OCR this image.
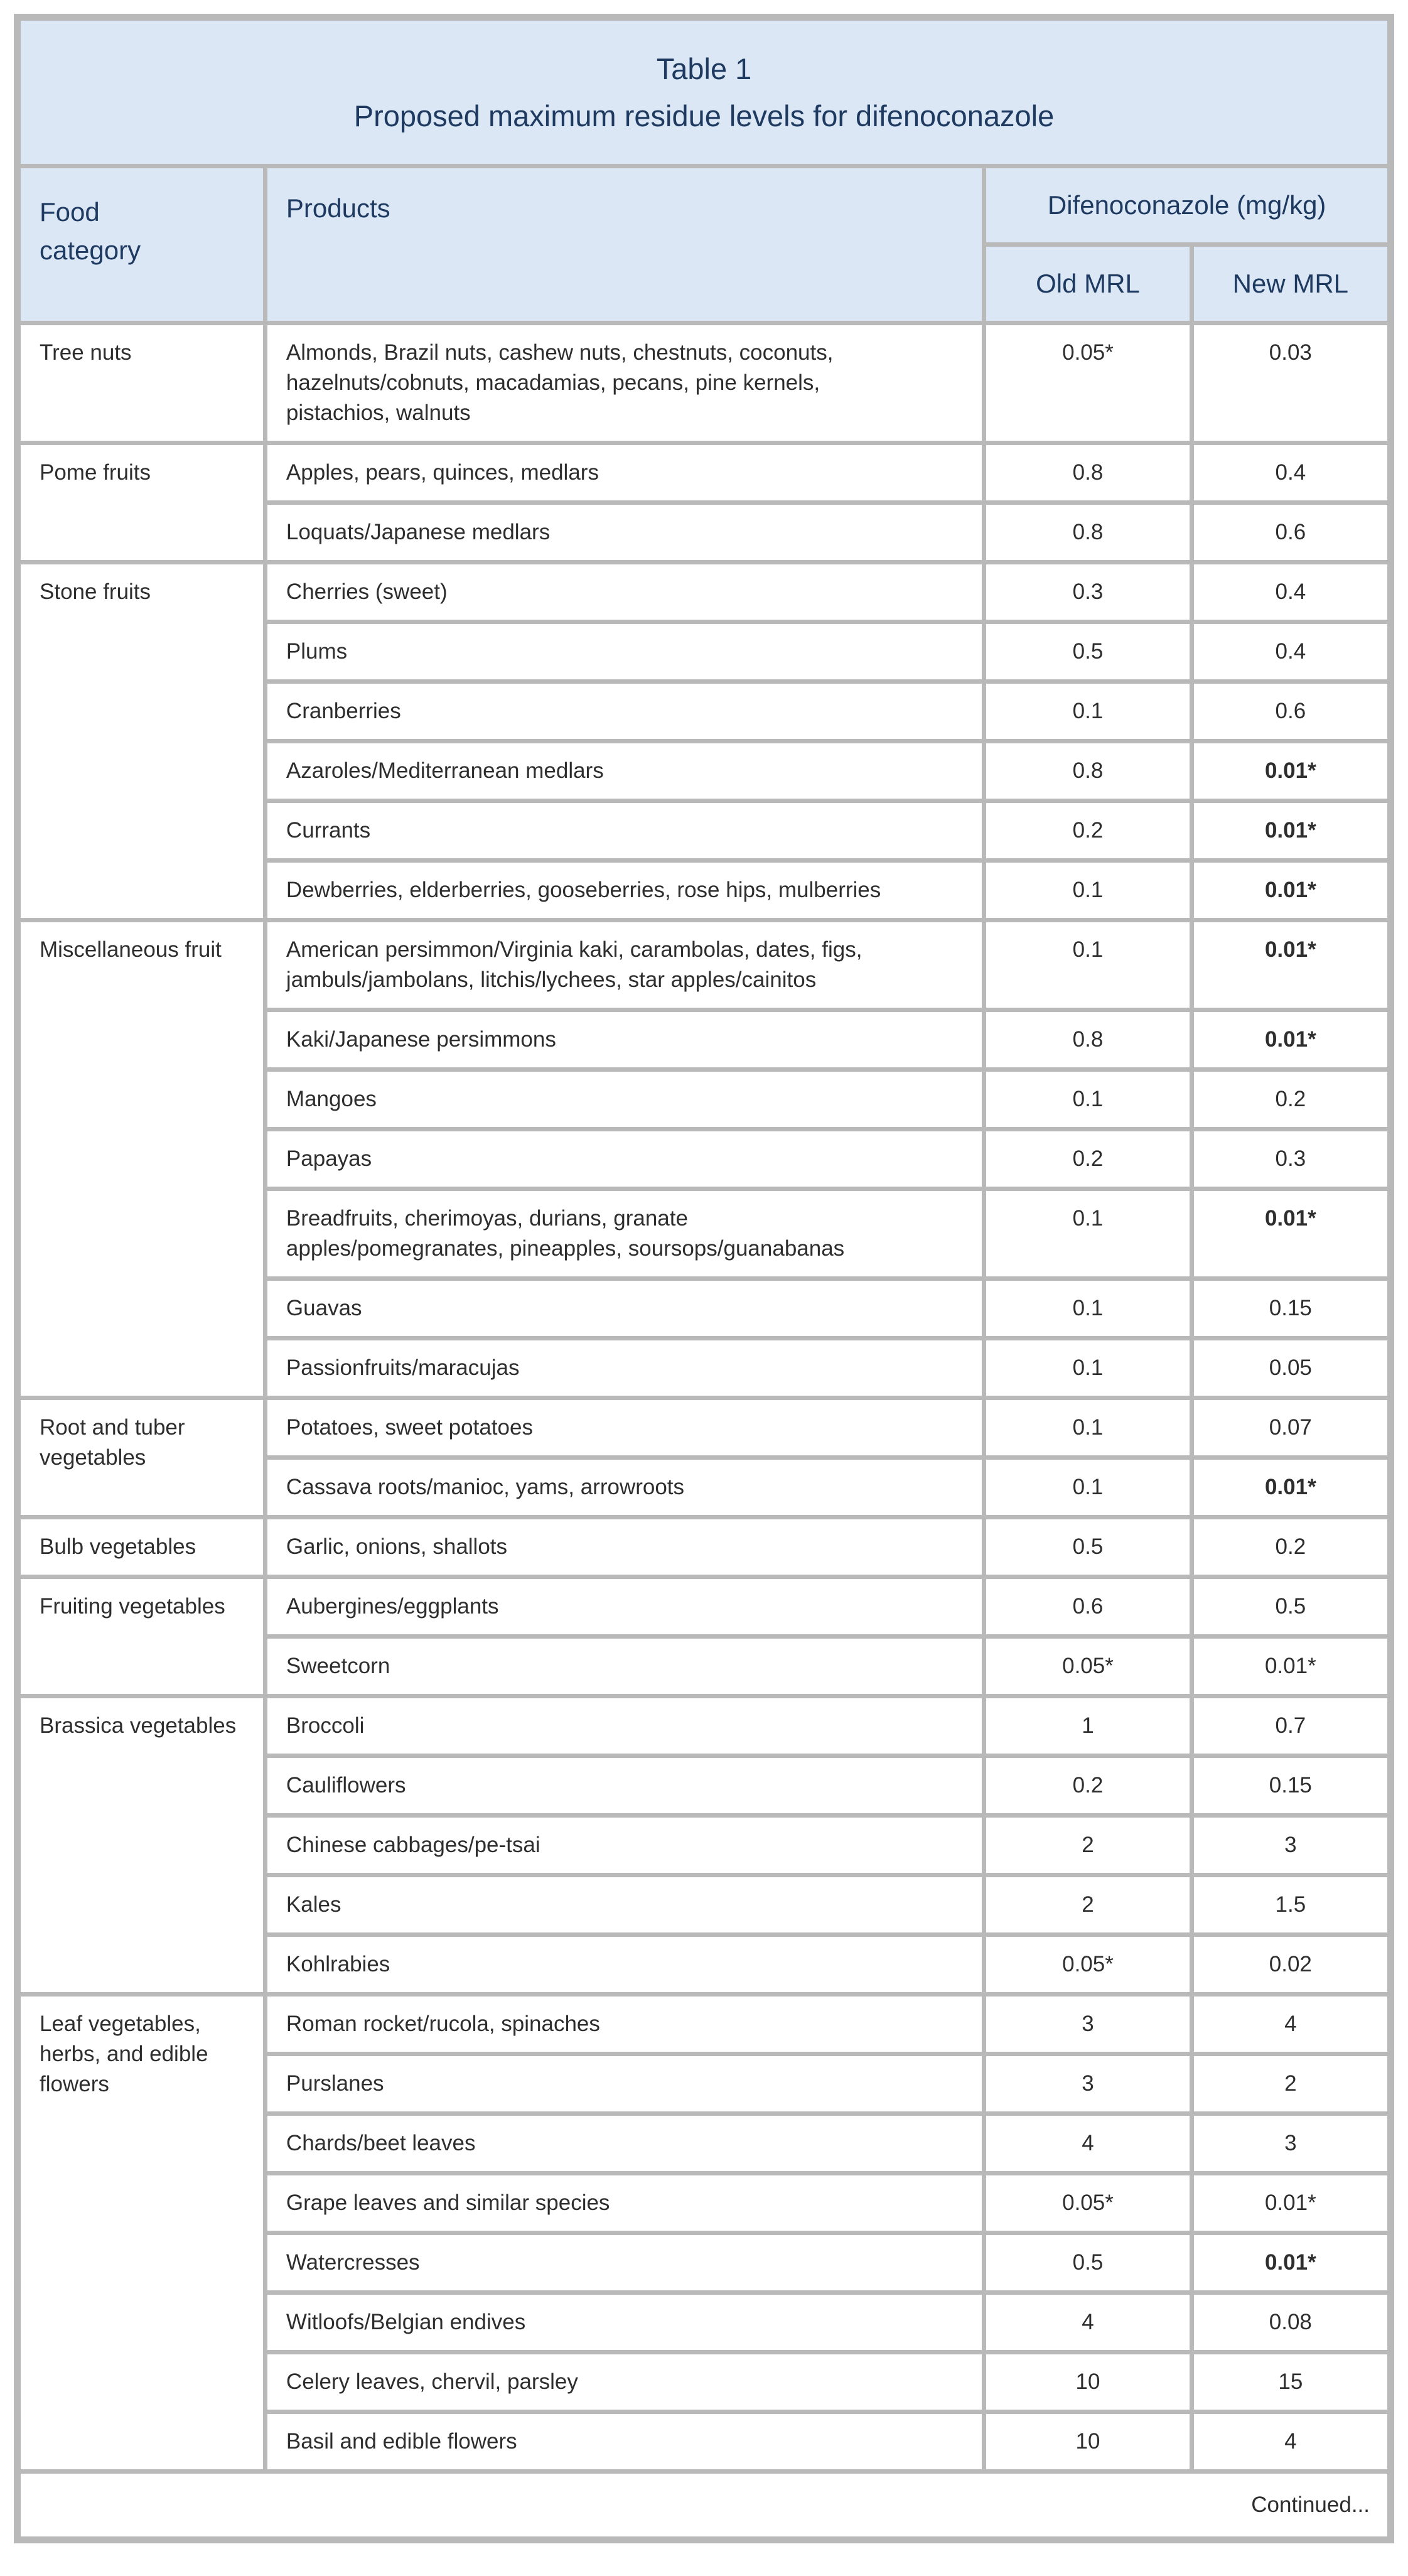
Table 1
Proposed maximum residue levels for difenoconazole			

Food category	Products	Difenoconazole (mg/kg)	
		Old MRL	New MRL
Tree nuts	Almonds, Brazil nuts, cashew nuts, chestnuts, coconuts, hazelnuts/cobnuts, macadamias, pecans, pine kernels, pistachios, walnuts	0.05*	0.03
Pome fruits	Apples, pears, quinces, medlars	0.8	0.4
	Loquats/Japanese medlars	0.8	0.6
Stone fruits	Cherries (sweet)	0.3	0.4
	Plums	0.5	0.4
	Cranberries	0.1	0.6
	Azaroles/Mediterranean medlars	0.8	0.01*
	Currants	0.2	0.01*
	Dewberries, elderberries, gooseberries, rose hips, mulberries	0.1	0.01*
Miscellaneous fruit	American persimmon/Virginia kaki, carambolas, dates, figs, jambuls/jambolans, litchis/lychees, star apples/cainitos	0.1	0.01*
	Kaki/Japanese persimmons	0.8	0.01*
	Mangoes	0.1	0.2
	Papayas	0.2	0.3
	Breadfruits, cherimoyas, durians, granate apples/pomegranates, pineapples, soursops/guanabanas	0.1	0.01*
	Guavas	0.1	0.15
	Passionfruits/maracujas	0.1	0.05
Root and tuber vegetables	Potatoes, sweet potatoes	0.1	0.07
	Cassava roots/manioc, yams, arrowroots	0.1	0.01*
Bulb vegetables	Garlic, onions, shallots	0.5	0.2
Fruiting vegetables	Aubergines/eggplants	0.6	0.5
	Sweetcorn	0.05*	0.01*
Brassica vegetables	Broccoli	1	0.7
	Cauliflowers	0.2	0.15
	Chinese cabbages/pe-tsai	2	3
	Kales	2	1.5
	Kohlrabies	0.05*	0.02
Leaf vegetables, herbs, and edible flowers	Roman rocket/rucola, spinaches	3	4
	Purslanes	3	2
	Chards/beet leaves	4	3
	Grape leaves and similar species	0.05*	0.01*
	Watercresses	0.5	0.01*
	Witloofs/Belgian endives	4	0.08
	Celery leaves, chervil, parsley	10	15
	Basil and edible flowers	10	4
Continued...			
